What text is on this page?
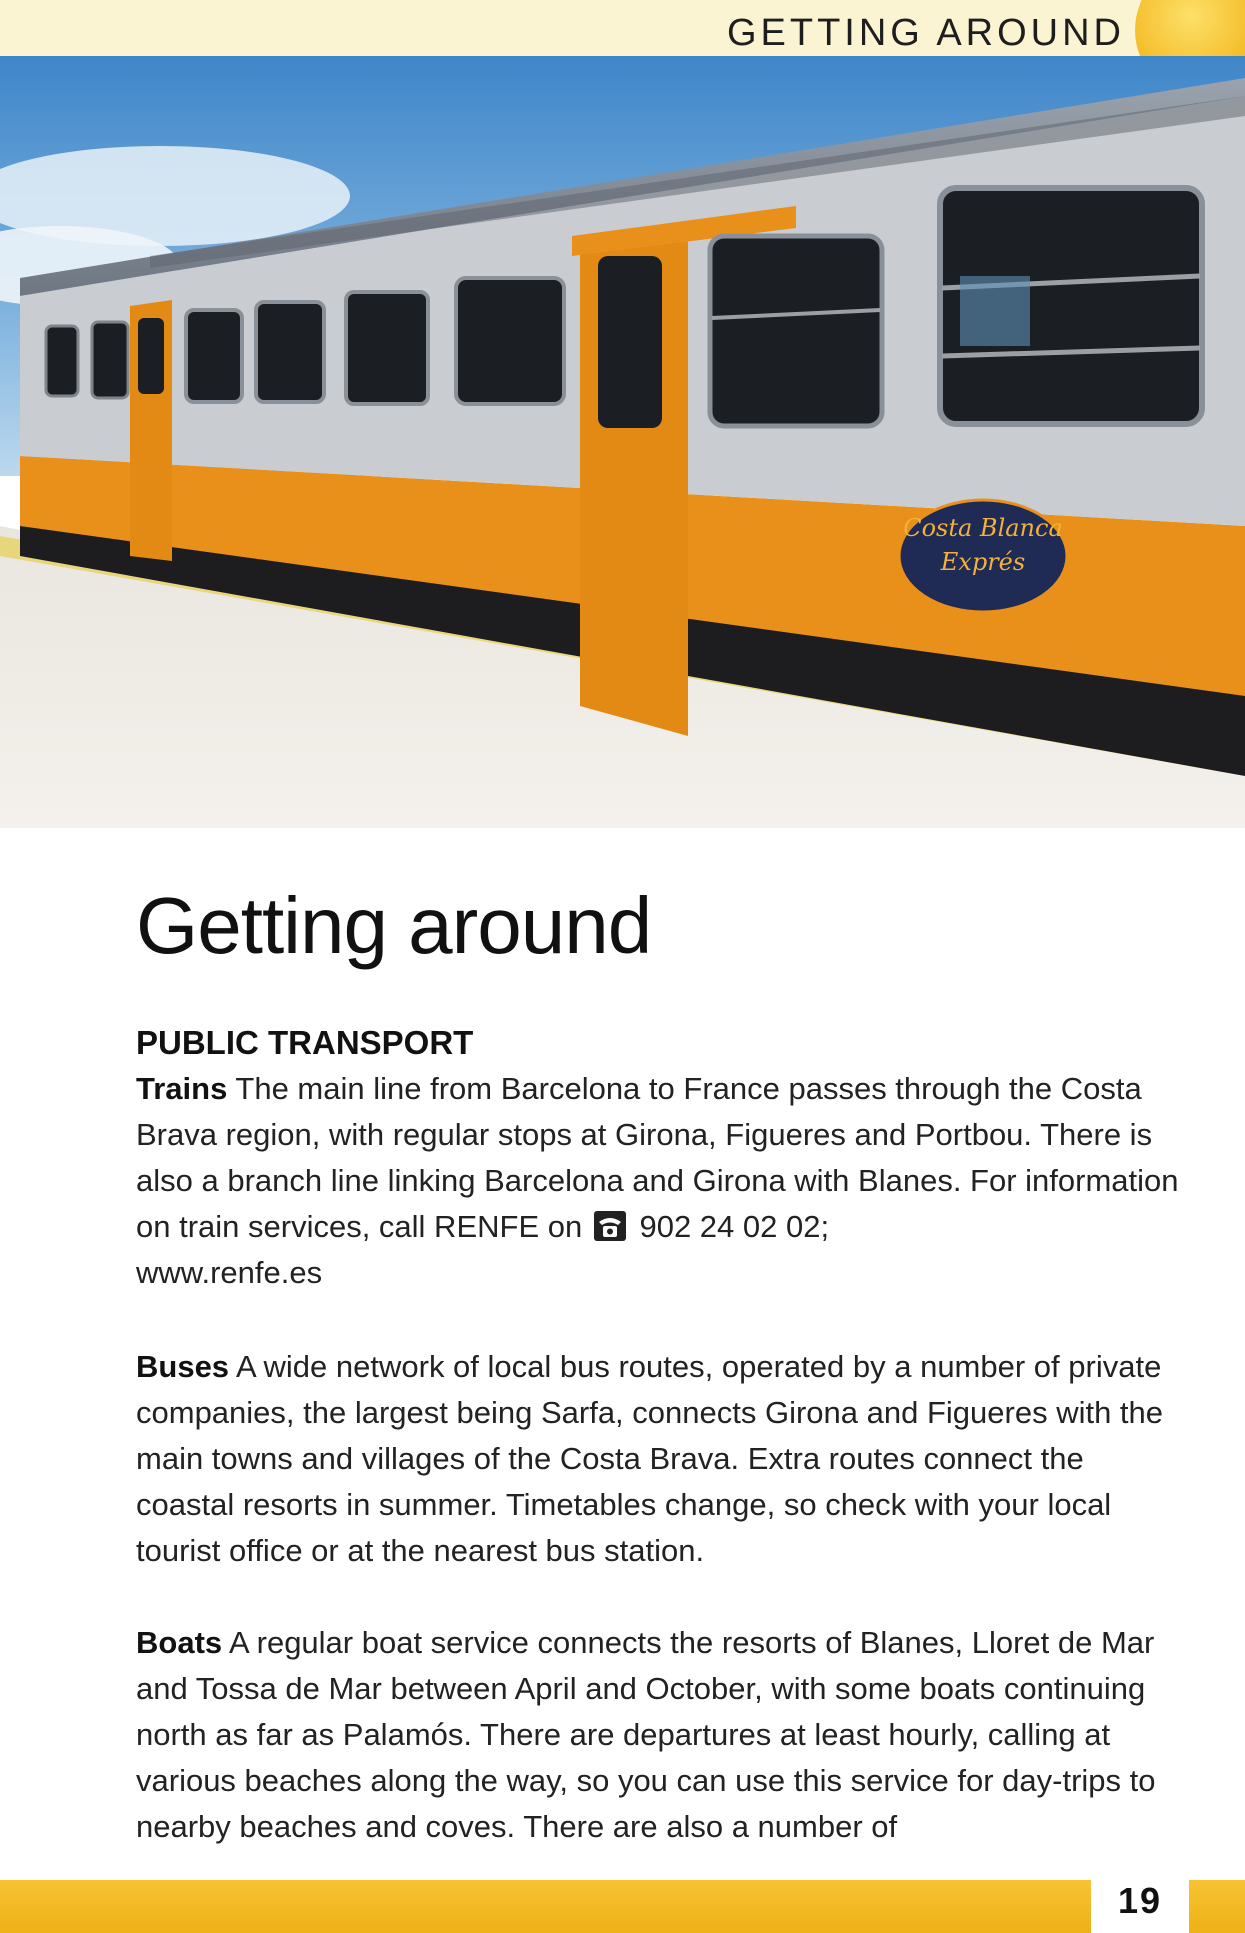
GETTING AROUND
Costa Blanca
Exprés
Getting around
PUBLIC TRANSPORT

Trains The main line from Barcelona to France passes through the Costa Brava region, with regular stops at Girona, Figueres and Portbou. There is also a branch line linking Barcelona and Girona with Blanes. For information on train services, call RENFE on 902 24 02 02;
www.renfe.es

Buses A wide network of local bus routes, operated by a number of private companies, the largest being Sarfa, connects Girona and Figueres with the main towns and villages of the Costa Brava. Extra routes connect the coastal resorts in summer. Timetables change, so check with your local tourist office or at the nearest bus station.

Boats A regular boat service connects the resorts of Blanes, Lloret de Mar and Tossa de Mar between April and October, with some boats continuing north as far as Palamós. There are departures at least hourly, calling at various beaches along the way, so you can use this service for day-trips to nearby beaches and coves. There are also a number of

19
